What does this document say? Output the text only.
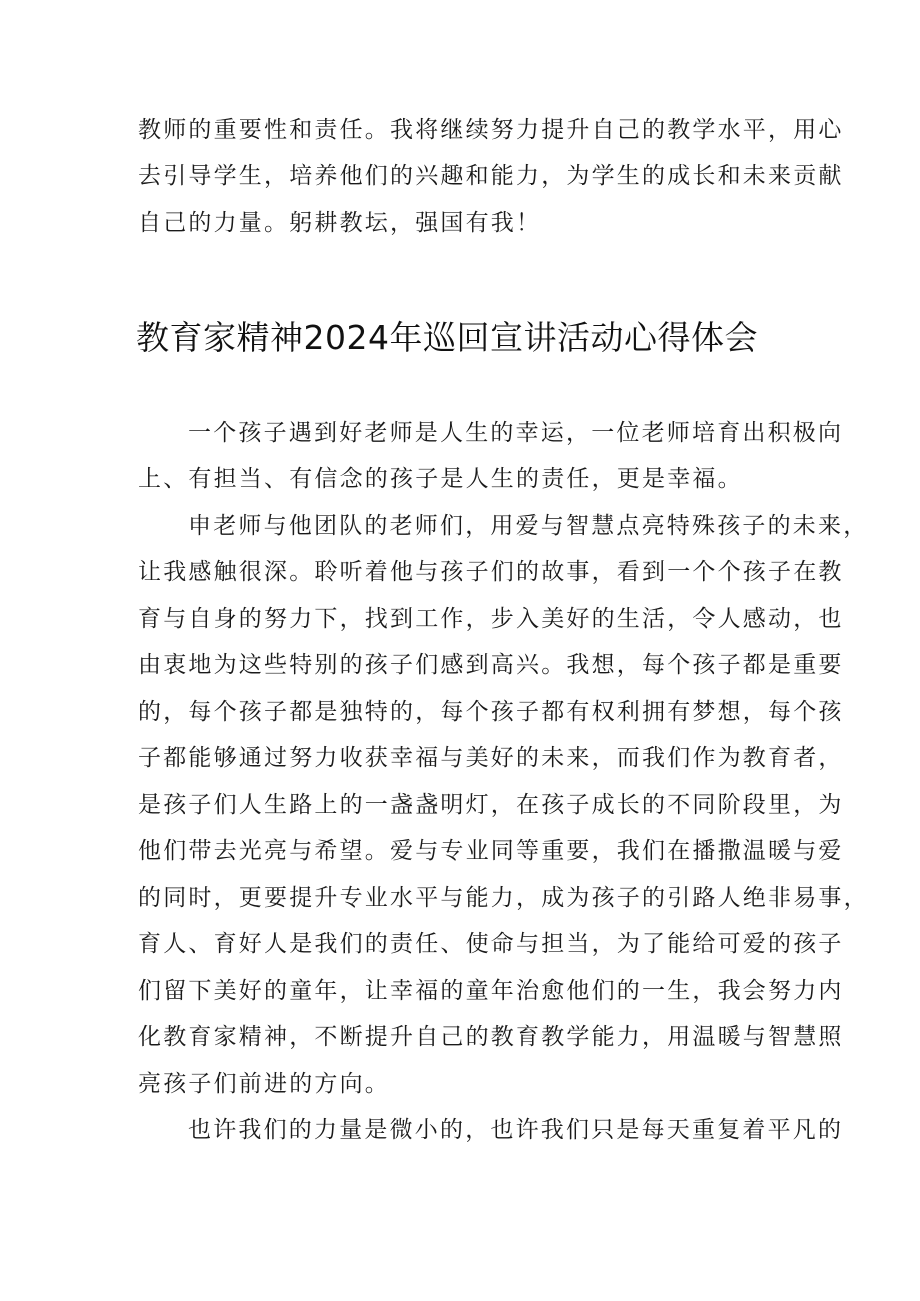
教师的重要性和责任。我将继续努力提升自己的教学水平，用心
去引导学生，培养他们的兴趣和能力，为学生的成长和未来贡献
自己的力量。躬耕教坛，强国有我！
教育家精神2024年巡回宣讲活动心得体会
一个孩子遇到好老师是人生的幸运，一位老师培育出积极向
上、有担当、有信念的孩子是人生的责任，更是幸福。
申老师与他团队的老师们，用爱与智慧点亮特殊孩子的未来，
让我感触很深。聆听着他与孩子们的故事，看到一个个孩子在教
育与自身的努力下，找到工作，步入美好的生活，令人感动，也
由衷地为这些特别的孩子们感到高兴。我想，每个孩子都是重要
的，每个孩子都是独特的，每个孩子都有权利拥有梦想，每个孩
子都能够通过努力收获幸福与美好的未来，而我们作为教育者，
是孩子们人生路上的一盏盏明灯，在孩子成长的不同阶段里，为
他们带去光亮与希望。爱与专业同等重要，我们在播撒温暖与爱
的同时，更要提升专业水平与能力，成为孩子的引路人绝非易事，
育人、育好人是我们的责任、使命与担当，为了能给可爱的孩子
们留下美好的童年，让幸福的童年治愈他们的一生，我会努力内
化教育家精神，不断提升自己的教育教学能力，用温暖与智慧照
亮孩子们前进的方向。
也许我们的力量是微小的，也许我们只是每天重复着平凡的
